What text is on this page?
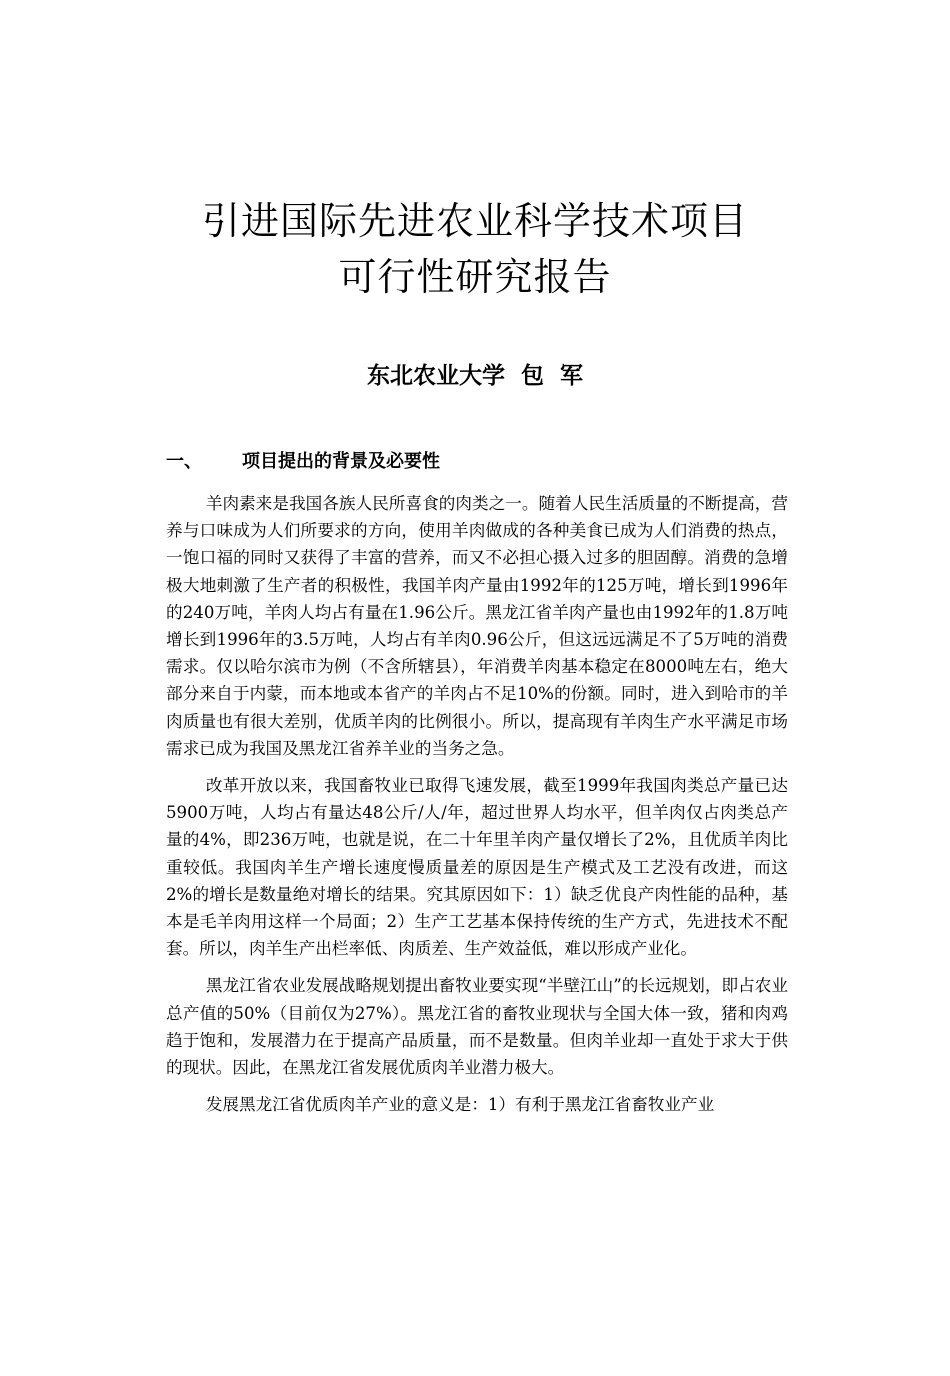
引进国际先进农业科学技术项目
可行性研究报告
东北农业大学  包  军
一、 项目提出的背景及必要性

羊肉素来是我国各族人民所喜食的肉类之一。随着人民生活质量的不断提高，营养与口味成为人们所要求的方向，使用羊肉做成的各种美食已成为人们消费的热点，一饱口福的同时又获得了丰富的营养，而又不必担心摄入过多的胆固醇。消费的急增极大地刺激了生产者的积极性，我国羊肉产量由1992年的125万吨，增长到1996年的240万吨，羊肉人均占有量在1.96公斤。黑龙江省羊肉产量也由1992年的1.8万吨增长到1996年的3.5万吨，人均占有羊肉0.96公斤，但这远远满足不了5万吨的消费需求。仅以哈尔滨市为例（不含所辖县），年消费羊肉基本稳定在8000吨左右，绝大部分来自于内蒙，而本地或本省产的羊肉占不足10%的份额。同时，进入到哈市的羊肉质量也有很大差别，优质羊肉的比例很小。所以，提高现有羊肉生产水平满足市场需求已成为我国及黑龙江省养羊业的当务之急。

改革开放以来，我国畜牧业已取得飞速发展，截至1999年我国肉类总产量已达5900万吨，人均占有量达48公斤/人/年，超过世界人均水平，但羊肉仅占肉类总产量的4%，即236万吨，也就是说，在二十年里羊肉产量仅增长了2%，且优质羊肉比重较低。我国肉羊生产增长速度慢质量差的原因是生产模式及工艺没有改进，而这2%的增长是数量绝对增长的结果。究其原因如下：1）缺乏优良产肉性能的品种，基本是毛羊肉用这样一个局面；2）生产工艺基本保持传统的生产方式，先进技术不配套。所以，肉羊生产出栏率低、肉质差、生产效益低，难以形成产业化。

黑龙江省农业发展战略规划提出畜牧业要实现“半壁江山”的长远规划，即占农业总产值的50%（目前仅为27%）。黑龙江省的畜牧业现状与全国大体一致，猪和肉鸡趋于饱和，发展潜力在于提高产品质量，而不是数量。但肉羊业却一直处于求大于供的现状。因此，在黑龙江省发展优质肉羊业潜力极大。

发展黑龙江省优质肉羊产业的意义是：1）有利于黑龙江省畜牧业产业
